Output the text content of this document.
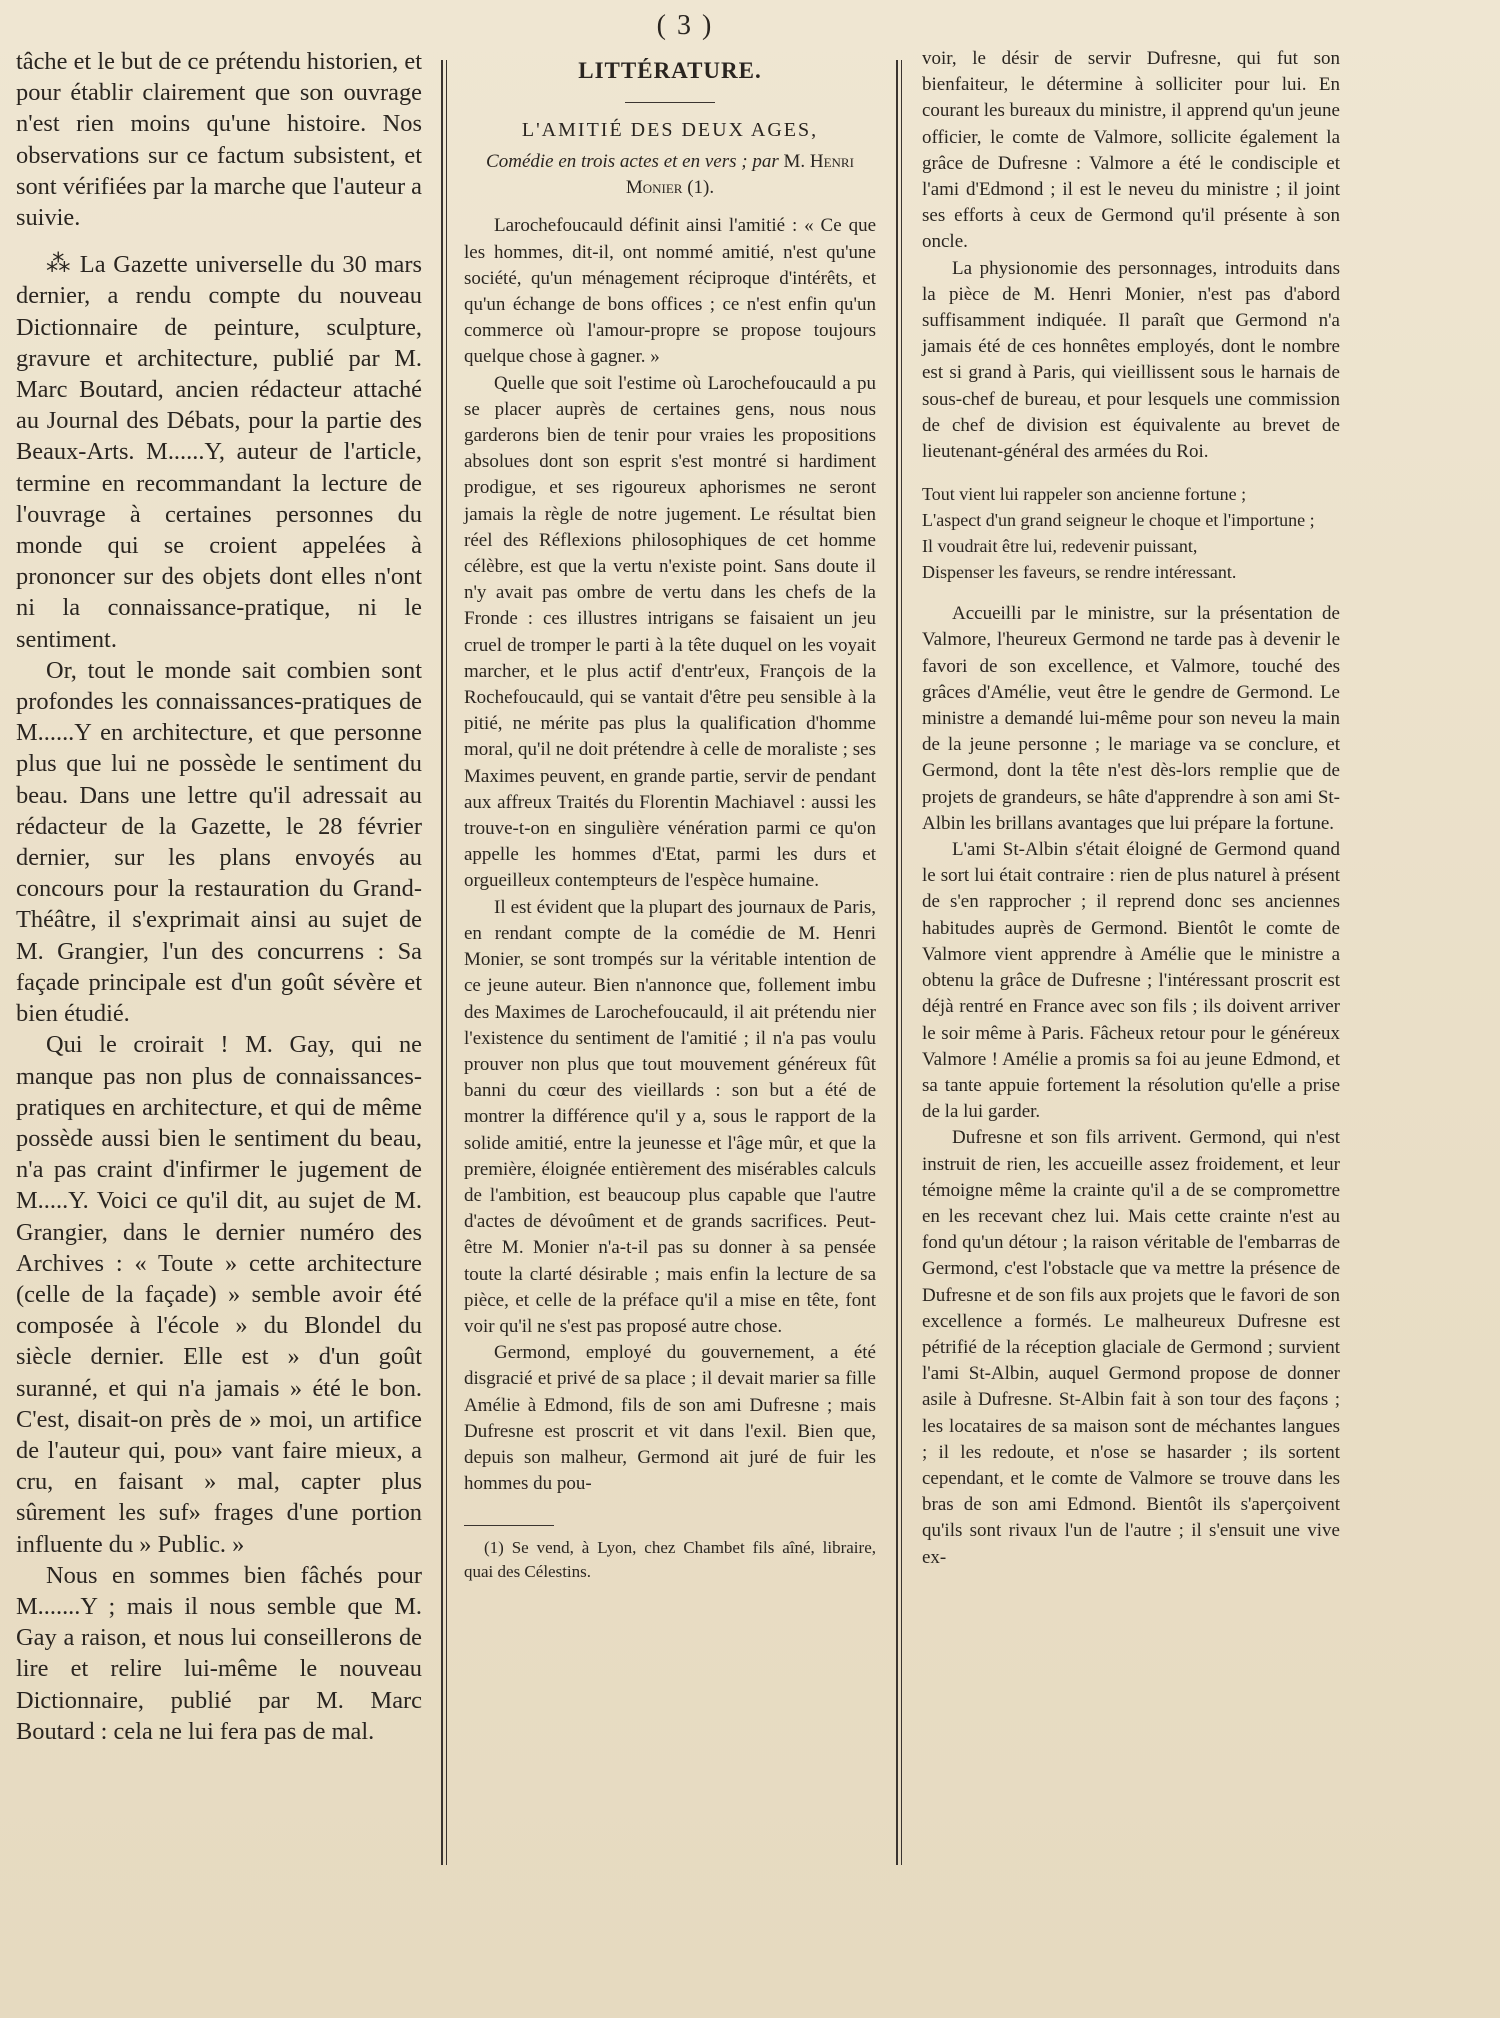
( 3 )

tâche et le but de ce prétendu historien, et pour établir clairement que son ouvrage n'est rien moins qu'une histoire. Nos observations sur ce factum subsistent, et sont vérifiées par la marche que l'auteur a suivie.

⁂ La Gazette universelle du 30 mars dernier, a rendu compte du nouveau Dictionnaire de peinture, sculpture, gravure et architecture, publié par M. Marc Boutard, ancien rédacteur attaché au Journal des Débats, pour la partie des Beaux-Arts. M......Y, auteur de l'article, termine en recommandant la lecture de l'ouvrage à certaines personnes du monde qui se croient appelées à prononcer sur des objets dont elles n'ont ni la connaissance-pratique, ni le sentiment.

Or, tout le monde sait combien sont profondes les connaissances-pratiques de M......Y en architecture, et que personne plus que lui ne possède le sentiment du beau. Dans une lettre qu'il adressait au rédacteur de la Gazette, le 28 février dernier, sur les plans envoyés au concours pour la restauration du Grand-Théâtre, il s'exprimait ainsi au sujet de M. Grangier, l'un des concurrens : Sa façade principale est d'un goût sévère et bien étudié.

Qui le croirait ! M. Gay, qui ne manque pas non plus de connaissances-pratiques en architecture, et qui de même possède aussi bien le sentiment du beau, n'a pas craint d'infirmer le jugement de M.....Y. Voici ce qu'il dit, au sujet de M. Grangier, dans le dernier numéro des Archives : « Toute » cette architecture (celle de la façade) » semble avoir été composée à l'école » du Blondel du siècle dernier. Elle est » d'un goût suranné, et qui n'a jamais » été le bon. C'est, disait-on près de » moi, un artifice de l'auteur qui, pou» vant faire mieux, a cru, en faisant » mal, capter plus sûrement les suf» frages d'une portion influente du » Public. »

Nous en sommes bien fâchés pour M.......Y ; mais il nous semble que M. Gay a raison, et nous lui conseillerons de lire et relire lui-même le nouveau Dictionnaire, publié par M. Marc Boutard : cela ne lui fera pas de mal.

LITTÉRATURE.
L'AMITIÉ DES DEUX AGES,
Comédie en trois actes et en vers ; par M. Henri Monier (1).

Larochefoucauld définit ainsi l'amitié : « Ce que les hommes, dit-il, ont nommé amitié, n'est qu'une société, qu'un ménagement réciproque d'intérêts, et qu'un échange de bons offices ; ce n'est enfin qu'un commerce où l'amour-propre se propose toujours quelque chose à gagner. »

Quelle que soit l'estime où Larochefoucauld a pu se placer auprès de certaines gens, nous nous garderons bien de tenir pour vraies les propositions absolues dont son esprit s'est montré si hardiment prodigue, et ses rigoureux aphorismes ne seront jamais la règle de notre jugement. Le résultat bien réel des Réflexions philosophiques de cet homme célèbre, est que la vertu n'existe point. Sans doute il n'y avait pas ombre de vertu dans les chefs de la Fronde : ces illustres intrigans se faisaient un jeu cruel de tromper le parti à la tête duquel on les voyait marcher, et le plus actif d'entr'eux, François de la Rochefoucauld, qui se vantait d'être peu sensible à la pitié, ne mérite pas plus la qualification d'homme moral, qu'il ne doit prétendre à celle de moraliste ; ses Maximes peuvent, en grande partie, servir de pendant aux affreux Traités du Florentin Machiavel : aussi les trouve-t-on en singulière vénération parmi ce qu'on appelle les hommes d'Etat, parmi les durs et orgueilleux contempteurs de l'espèce humaine.

Il est évident que la plupart des journaux de Paris, en rendant compte de la comédie de M. Henri Monier, se sont trompés sur la véritable intention de ce jeune auteur. Bien n'annonce que, follement imbu des Maximes de Larochefoucauld, il ait prétendu nier l'existence du sentiment de l'amitié ; il n'a pas voulu prouver non plus que tout mouvement généreux fût banni du cœur des vieillards : son but a été de montrer la différence qu'il y a, sous le rapport de la solide amitié, entre la jeunesse et l'âge mûr, et que la première, éloignée entièrement des misérables calculs de l'ambition, est beaucoup plus capable que l'autre d'actes de dévoûment et de grands sacrifices. Peut-être M. Monier n'a-t-il pas su donner à sa pensée toute la clarté désirable ; mais enfin la lecture de sa pièce, et celle de la préface qu'il a mise en tête, font voir qu'il ne s'est pas proposé autre chose.

Germond, employé du gouvernement, a été disgracié et privé de sa place ; il devait marier sa fille Amélie à Edmond, fils de son ami Dufresne ; mais Dufresne est proscrit et vit dans l'exil. Bien que, depuis son malheur, Germond ait juré de fuir les hommes du pou-

(1) Se vend, à Lyon, chez Chambet fils aîné, libraire, quai des Célestins.

voir, le désir de servir Dufresne, qui fut son bienfaiteur, le détermine à solliciter pour lui. En courant les bureaux du ministre, il apprend qu'un jeune officier, le comte de Valmore, sollicite également la grâce de Dufresne : Valmore a été le condisciple et l'ami d'Edmond ; il est le neveu du ministre ; il joint ses efforts à ceux de Germond qu'il présente à son oncle.

La physionomie des personnages, introduits dans la pièce de M. Henri Monier, n'est pas d'abord suffisamment indiquée. Il paraît que Germond n'a jamais été de ces honnêtes employés, dont le nombre est si grand à Paris, qui vieillissent sous le harnais de sous-chef de bureau, et pour lesquels une commission de chef de division est équivalente au brevet de lieutenant-général des armées du Roi.

Tout vient lui rappeler son ancienne fortune ;
L'aspect d'un grand seigneur le choque et l'importune ;
Il voudrait être lui, redevenir puissant,
Dispenser les faveurs, se rendre intéressant.

Accueilli par le ministre, sur la présentation de Valmore, l'heureux Germond ne tarde pas à devenir le favori de son excellence, et Valmore, touché des grâces d'Amélie, veut être le gendre de Germond. Le ministre a demandé lui-même pour son neveu la main de la jeune personne ; le mariage va se conclure, et Germond, dont la tête n'est dès-lors remplie que de projets de grandeurs, se hâte d'apprendre à son ami St-Albin les brillans avantages que lui prépare la fortune.

L'ami St-Albin s'était éloigné de Germond quand le sort lui était contraire : rien de plus naturel à présent de s'en rapprocher ; il reprend donc ses anciennes habitudes auprès de Germond. Bientôt le comte de Valmore vient apprendre à Amélie que le ministre a obtenu la grâce de Dufresne ; l'intéressant proscrit est déjà rentré en France avec son fils ; ils doivent arriver le soir même à Paris. Fâcheux retour pour le généreux Valmore ! Amélie a promis sa foi au jeune Edmond, et sa tante appuie fortement la résolution qu'elle a prise de la lui garder.

Dufresne et son fils arrivent. Germond, qui n'est instruit de rien, les accueille assez froidement, et leur témoigne même la crainte qu'il a de se compromettre en les recevant chez lui. Mais cette crainte n'est au fond qu'un détour ; la raison véritable de l'embarras de Germond, c'est l'obstacle que va mettre la présence de Dufresne et de son fils aux projets que le favori de son excellence a formés. Le malheureux Dufresne est pétrifié de la réception glaciale de Germond ; survient l'ami St-Albin, auquel Germond propose de donner asile à Dufresne. St-Albin fait à son tour des façons ; les locataires de sa maison sont de méchantes langues ; il les redoute, et n'ose se hasarder ; ils sortent cependant, et le comte de Valmore se trouve dans les bras de son ami Edmond. Bientôt ils s'aperçoivent qu'ils sont rivaux l'un de l'autre ; il s'ensuit une vive ex-
